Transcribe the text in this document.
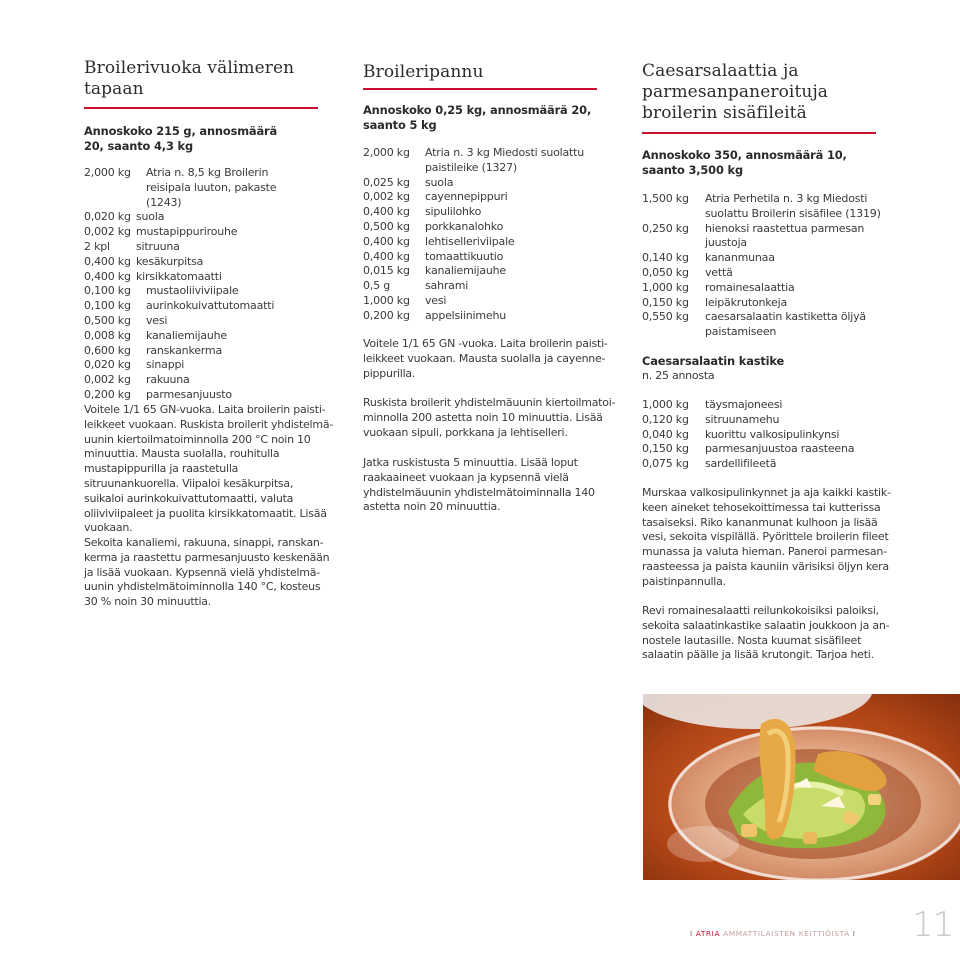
Broilerivuoka välimeren tapaan
Annoskoko 215 g, annosmäärä 20, saanto 4,3 kg
2,000 kg	Atria n. 8,5 kg Broilerin reisipala luuton, pakaste (1243)
0,020 kg suola
0,002 kg mustapippurirouhe
2 kpl	sitruuna
0,400 kg kesäkurpitsa
0,400 kg kirsikkatomaatti
0,100 kg	mustaoliiviviipale
0,100 kg	aurinkokuivattutomaatti
0,500 kg	vesi
0,008 kg	kanaliemijauhe
0,600 kg	ranskankerma
0,020 kg	sinappi
0,002 kg	rakuuna
0,200 kg	parmesanjuusto

Voitele 1/1 65 GN-vuoka. Laita broilerin paistileikkeet vuokaan. Ruskista broilerit yhdistelmäuunin kiertoilmatoiminnolla 200 °C noin 10 minuuttia. Mausta suolalla, rouhitulla mustapippurilla ja raastetulla sitruunankuorella. Viipaloi kesäkurpitsa, suikaloi aurinkokuivattutomaatti, valuta oliiviviipaleet ja puolita kirsikkatomaatit. Lisää vuokaan.

Sekoita kanaliemi, rakuuna, sinappi, ranskankerma ja raastettu parmesanjuusto keskenään ja lisää vuokaan. Kypsennä vielä yhdistelmäuunin yhdistelmätoiminnolla 140 °C, kosteus 30 % noin 30 minuuttia.

Broileripannu
Annoskoko 0,25 kg, annosmäärä 20, saanto 5 kg
2,000 kg	Atria n. 3 kg Miedosti suolattu paistileike (1327)
0,025 kg	suola
0,002 kg	cayennepippuri
0,400 kg	sipulilohko
0,500 kg	porkkanalohko
0,400 kg	lehtiselleriviipale
0,400 kg	tomaattikuutio
0,015 kg	kanaliemijauhe
0,5 g	sahrami
1,000 kg	vesi
0,200 kg	appelsiinimehu

Voitele 1/1 65 GN -vuoka. Laita broilerin paistileikkeet vuokaan. Mausta suolalla ja cayennepippurilla.

Ruskista broilerit yhdistelmäuunin kiertoilmatoiminnolla 200 astetta noin 10 minuuttia. Lisää vuokaan sipuli, porkkana ja lehtiselleri.

Jatka ruskistusta 5 minuuttia. Lisää loput raakaaineet vuokaan ja kypsennä vielä yhdistelmäuunin yhdistelmätoiminnalla 140 astetta noin 20 minuuttia.

Caesarsalaattia ja parmesanpaneroituja broilerin sisäfileitä
Annoskoko 350, annosmäärä 10, saanto 3,500 kg
1,500 kg	Atria Perhetila n. 3 kg Miedosti suolattu Broilerin sisäfilee (1319)
0,250 kg	hienoksi raastettua parmesan juustoja
0,140 kg	kananmunaa
0,050 kg	vettä
1,000 kg	romainesalaattia
0,150 kg	leipäkrutonkeja
0,550 kg	caesarsalaatin kastiketta öljyä paistamiseen
Caesarsalaatin kastike
n. 25 annosta
1,000 kg	täysmajoneesi
0,120 kg	sitruunamehu
0,040 kg	kuorittu valkosipulinkynsi
0,150 kg	parmesanjuustoa raasteena
0,075 kg	sardellifileetä

Murskaa valkosipulinkynnet ja aja kaikki kastikkeen aineket tehosekoittimessa tai kutterissa tasaiseksi. Riko kananmunat kulhoon ja lisää vesi, sekoita vispilällä. Pyörittele broilerin fileet munassa ja valuta hieman. Paneroi parmesanraasteessa ja paista kauniin värisiksi öljyn kera paistinpannulla.

Revi romainesalaatti reilunkokoisiksi paloiksi, sekoita salaatinkastike salaatin joukkoon ja annostele lautasille. Nosta kuumat sisäfileet salaatin päälle ja lisää krutongit. Tarjoa heti.

I ATRIA AMMATTILAISTEN KEITTIÖISTÄ I 11
